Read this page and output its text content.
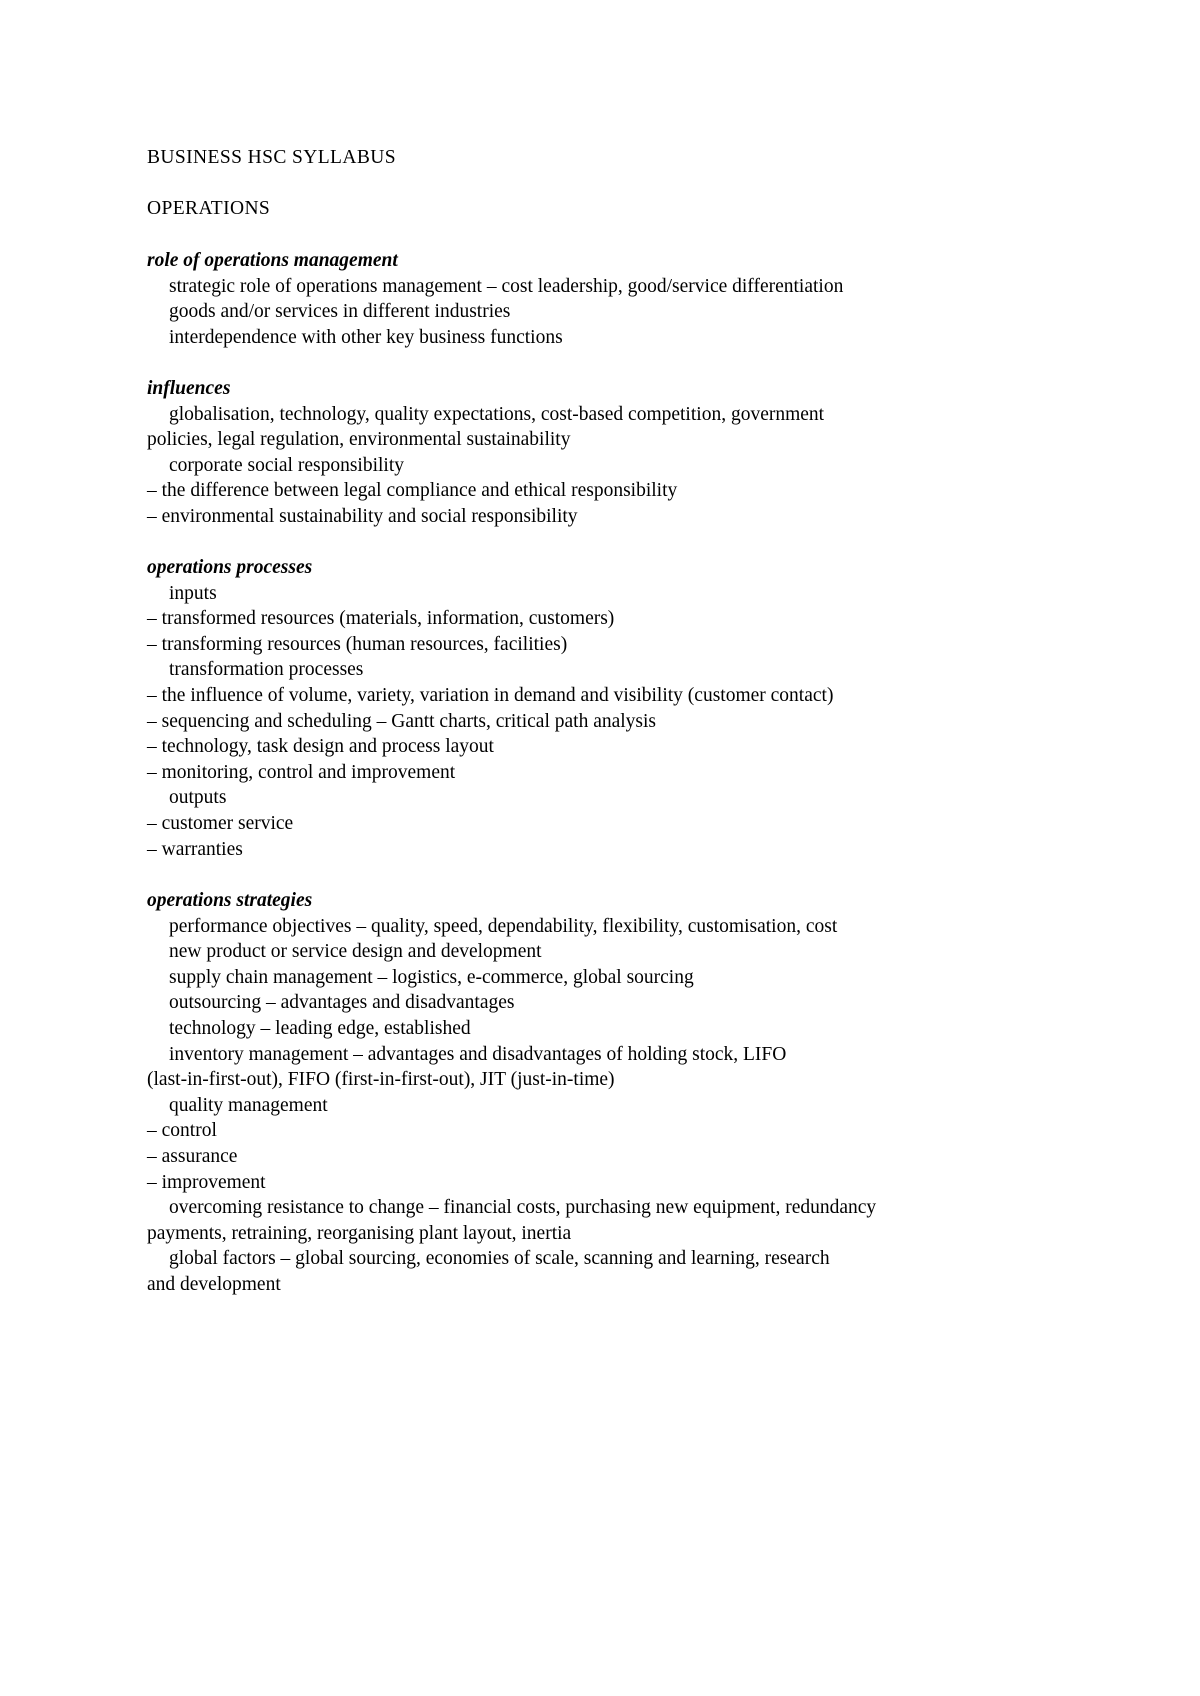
BUSINESS HSC SYLLABUS
OPERATIONS
role of operations management
strategic role of operations management – cost leadership, good/service differentiation
goods and/or services in different industries
interdependence with other key business functions
influences
globalisation, technology, quality expectations, cost-based competition, government
policies, legal regulation, environmental sustainability
corporate social responsibility
– the difference between legal compliance and ethical responsibility
– environmental sustainability and social responsibility
operations processes
inputs
– transformed resources (materials, information, customers)
– transforming resources (human resources, facilities)
transformation processes
– the influence of volume, variety, variation in demand and visibility (customer contact)
– sequencing and scheduling – Gantt charts, critical path analysis
– technology, task design and process layout
– monitoring, control and improvement
outputs
– customer service
– warranties
operations strategies
performance objectives – quality, speed, dependability, flexibility, customisation, cost
new product or service design and development
supply chain management – logistics, e-commerce, global sourcing
outsourcing – advantages and disadvantages
technology – leading edge, established
inventory management – advantages and disadvantages of holding stock, LIFO
(last-in-first-out), FIFO (first-in-first-out), JIT (just-in-time)
quality management
– control
– assurance
– improvement
overcoming resistance to change – financial costs, purchasing new equipment, redundancy
payments, retraining, reorganising plant layout, inertia
global factors – global sourcing, economies of scale, scanning and learning, research
and development
